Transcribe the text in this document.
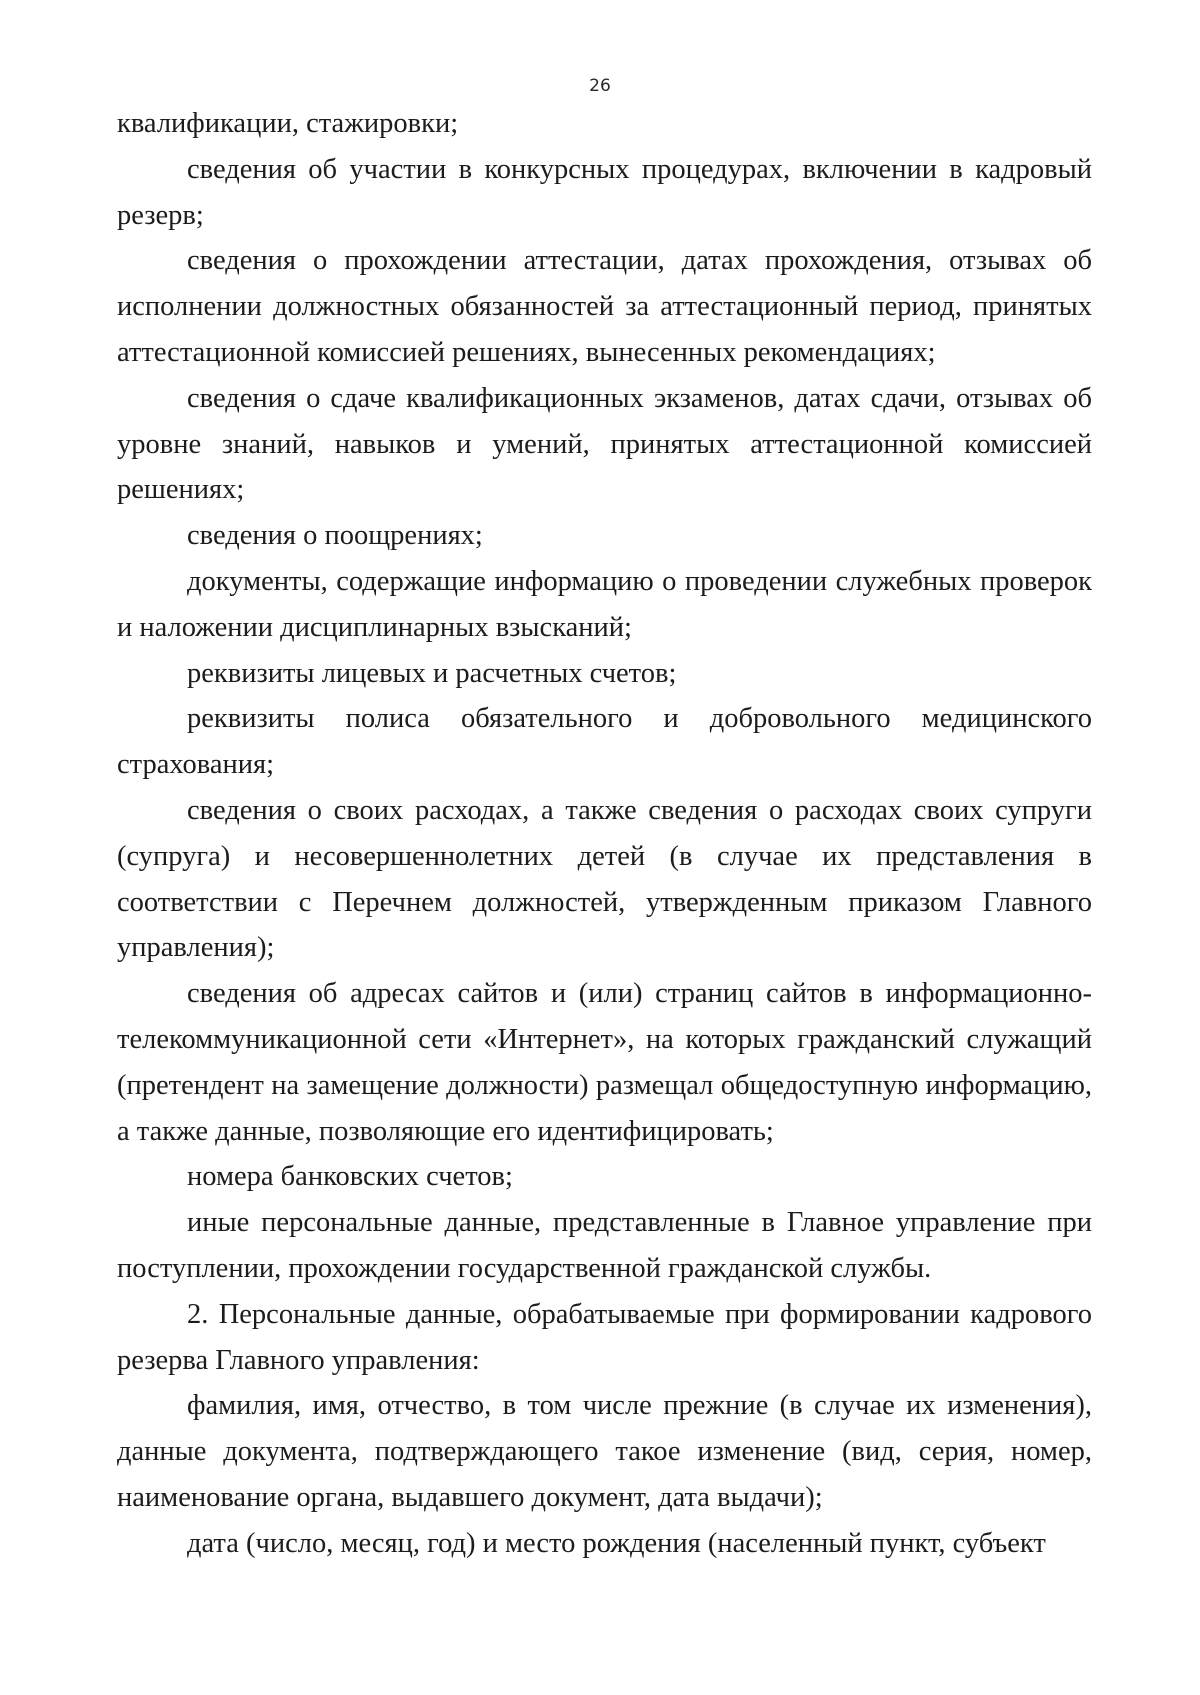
26

квалификации, стажировки;

сведения об участии в конкурсных процедурах, включении в кадровый резерв;

сведения о прохождении аттестации, датах прохождения, отзывах об исполнении должностных обязанностей за аттестационный период, принятых аттестационной комиссией решениях, вынесенных рекомендациях;

сведения о сдаче квалификационных экзаменов, датах сдачи, отзывах об уровне знаний, навыков и умений, принятых аттестационной комиссией решениях;

сведения о поощрениях;

документы, содержащие информацию о проведении служебных проверок и наложении дисциплинарных взысканий;

реквизиты лицевых и расчетных счетов;

реквизиты полиса обязательного и добровольного медицинского страхования;

сведения о своих расходах, а также сведения о расходах своих супруги (супруга) и несовершеннолетних детей (в случае их представления в соответствии с Перечнем должностей, утвержденным приказом Главного управления);

сведения об адресах сайтов и (или) страниц сайтов в информационно-телекоммуникационной сети «Интернет», на которых гражданский служащий (претендент на замещение должности) размещал общедоступную информацию, а также данные, позволяющие его идентифицировать;

номера банковских счетов;

иные персональные данные, представленные в Главное управление при поступлении, прохождении государственной гражданской службы.

2. Персональные данные, обрабатываемые при формировании кадрового резерва Главного управления:

фамилия, имя, отчество, в том числе прежние (в случае их изменения), данные документа, подтверждающего такое изменение (вид, серия, номер, наименование органа, выдавшего документ, дата выдачи);

дата (число, месяц, год) и место рождения (населенный пункт, субъект
